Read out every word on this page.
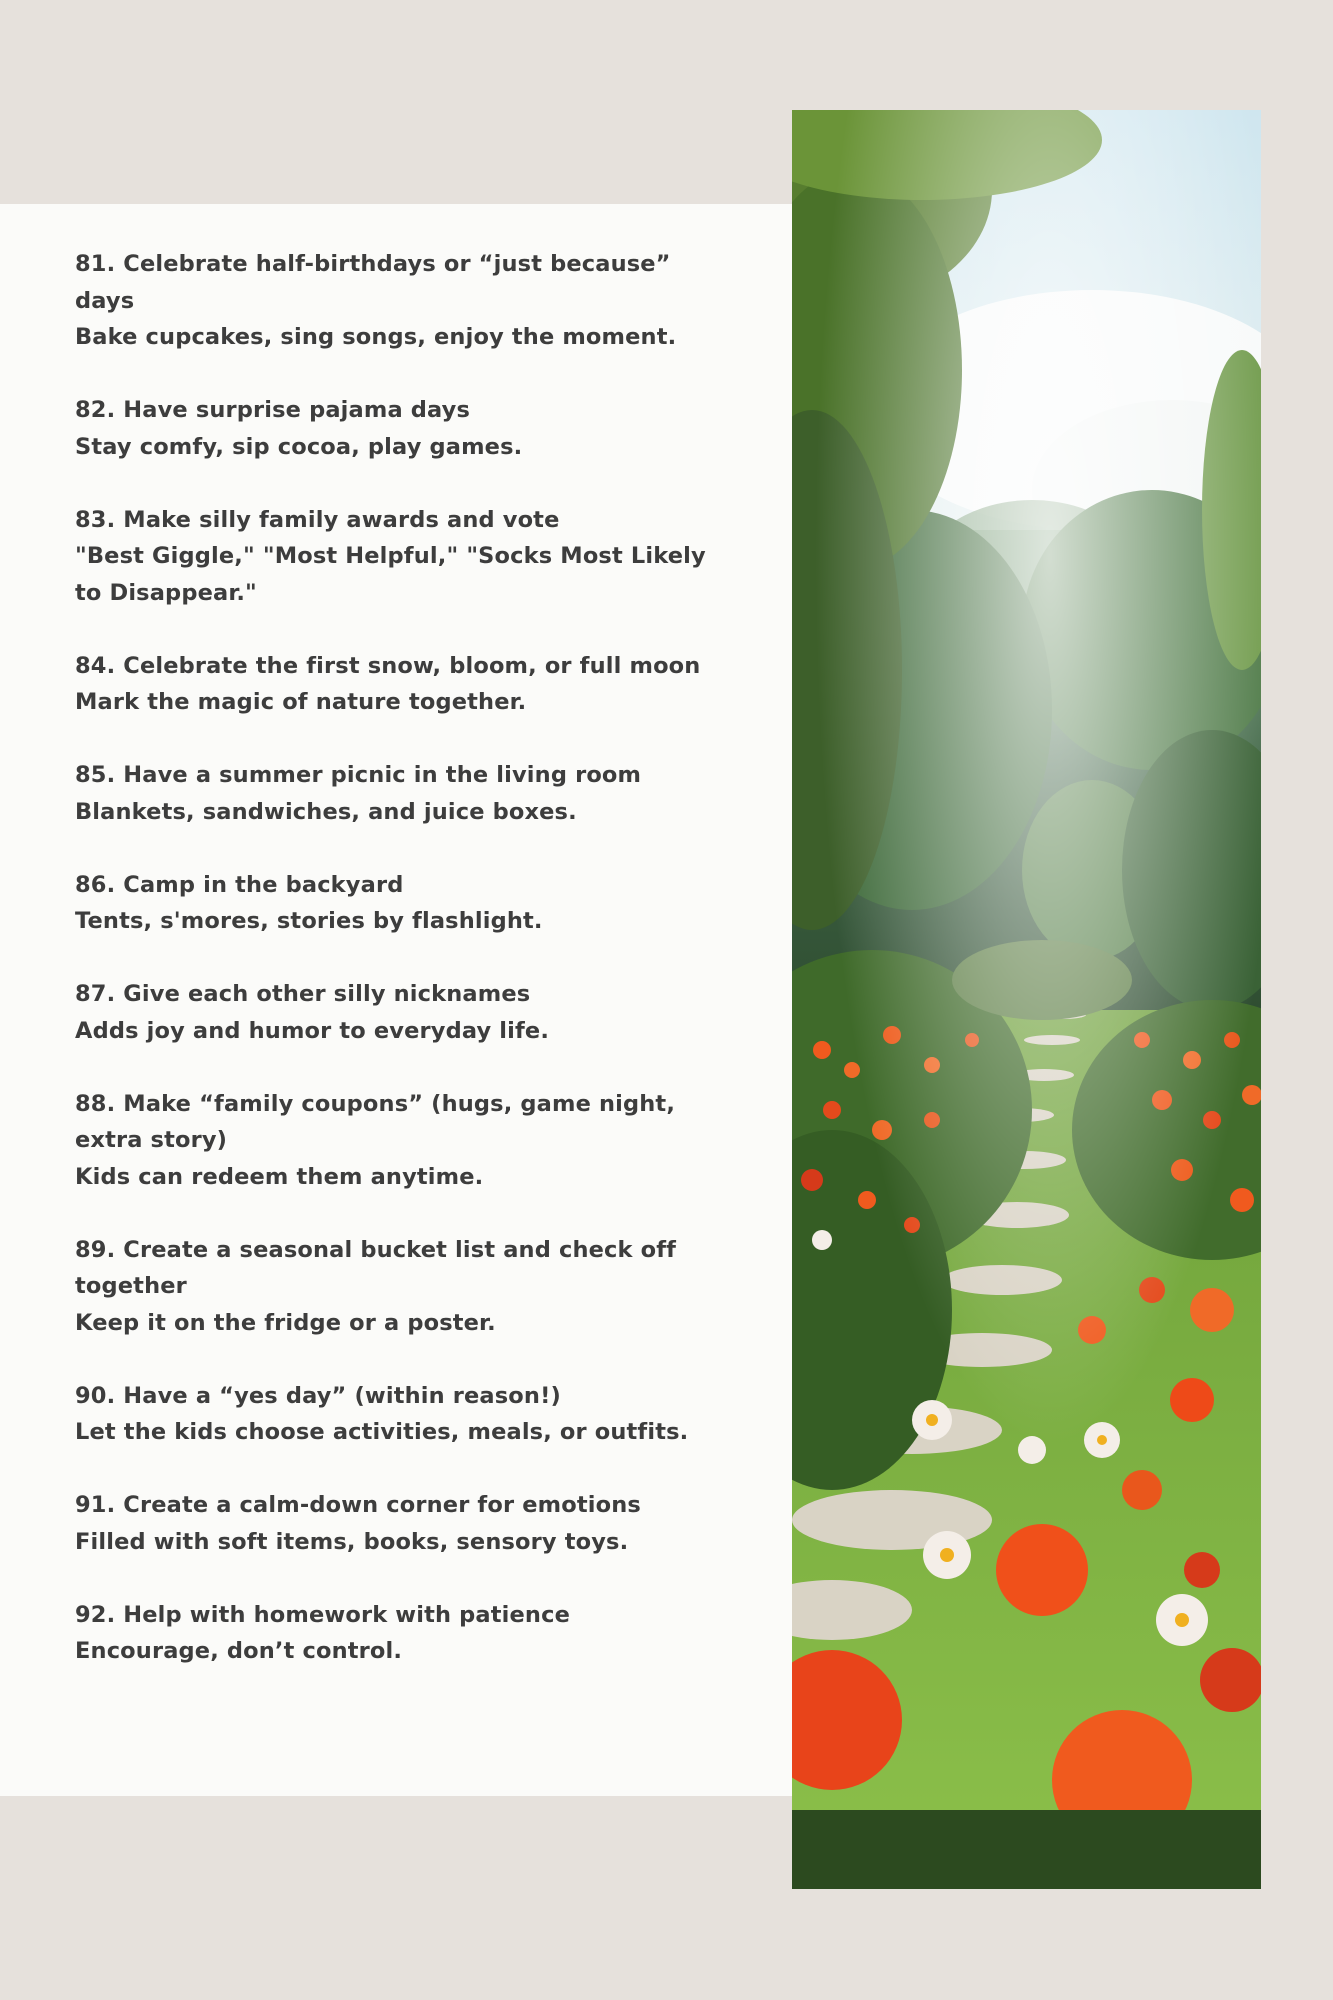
81. Celebrate half-birthdays or “just because” days

Bake cupcakes, sing songs, enjoy the moment.

82. Have surprise pajama days

Stay comfy, sip cocoa, play games.

83. Make silly family awards and vote

"Best Giggle," "Most Helpful," "Socks Most Likely to Disappear."

84. Celebrate the first snow, bloom, or full moon

Mark the magic of nature together.

85. Have a summer picnic in the living room

Blankets, sandwiches, and juice boxes.

86. Camp in the backyard

Tents, s'mores, stories by flashlight.

87. Give each other silly nicknames

Adds joy and humor to everyday life.

88. Make “family coupons” (hugs, game night, extra story)

Kids can redeem them anytime.

89. Create a seasonal bucket list and check off together

Keep it on the fridge or a poster.

90. Have a “yes day” (within reason!)

Let the kids choose activities, meals, or outfits.

91. Create a calm-down corner for emotions

Filled with soft items, books, sensory toys.

92. Help with homework with patience

Encourage, don’t control.
